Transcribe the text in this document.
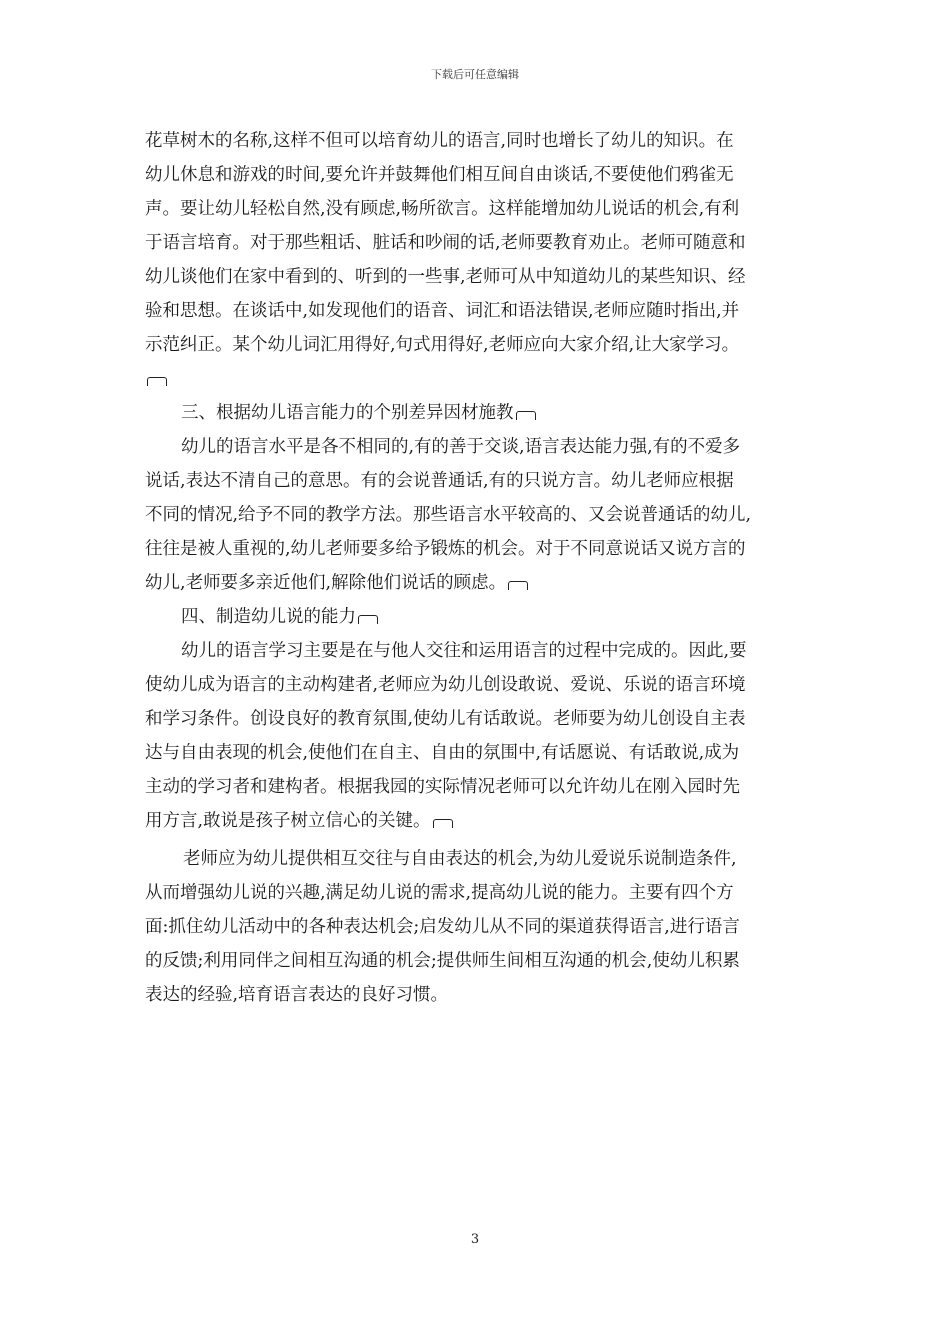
下载后可任意编辑
花草树木的名称,这样不但可以培育幼儿的语言,同时也增长了幼儿的知识。在
幼儿休息和游戏的时间,要允许并鼓舞他们相互间自由谈话,不要使他们鸦雀无
声。要让幼儿轻松自然,没有顾虑,畅所欲言。这样能增加幼儿说话的机会,有利
于语言培育。对于那些粗话、脏话和吵闹的话,老师要教育劝止。老师可随意和
幼儿谈他们在家中看到的、听到的一些事,老师可从中知道幼儿的某些知识、经
验和思想。在谈话中,如发现他们的语音、词汇和语法错误,老师应随时指出,并
示范纠正。某个幼儿词汇用得好,句式用得好,老师应向大家介绍,让大家学习。
三、根据幼儿语言能力的个别差异因材施教
幼儿的语言水平是各不相同的,有的善于交谈,语言表达能力强,有的不爱多
说话,表达不清自己的意思。有的会说普通话,有的只说方言。幼儿老师应根据
不同的情况,给予不同的教学方法。那些语言水平较高的、又会说普通话的幼儿,
往往是被人重视的,幼儿老师要多给予锻炼的机会。对于不同意说话又说方言的
幼儿,老师要多亲近他们,解除他们说话的顾虑。
四、制造幼儿说的能力
幼儿的语言学习主要是在与他人交往和运用语言的过程中完成的。因此,要
使幼儿成为语言的主动构建者,老师应为幼儿创设敢说、爱说、乐说的语言环境
和学习条件。创设良好的教育氛围,使幼儿有话敢说。老师要为幼儿创设自主表
达与自由表现的机会,使他们在自主、自由的氛围中,有话愿说、有话敢说,成为
主动的学习者和建构者。根据我园的实际情况老师可以允许幼儿在刚入园时先
用方言,敢说是孩子树立信心的关键。
老师应为幼儿提供相互交往与自由表达的机会,为幼儿爱说乐说制造条件,
从而增强幼儿说的兴趣,满足幼儿说的需求,提高幼儿说的能力。主要有四个方
面:抓住幼儿活动中的各种表达机会;启发幼儿从不同的渠道获得语言,进行语言
的反馈;利用同伴之间相互沟通的机会;提供师生间相互沟通的机会,使幼儿积累
表达的经验,培育语言表达的良好习惯。
3
